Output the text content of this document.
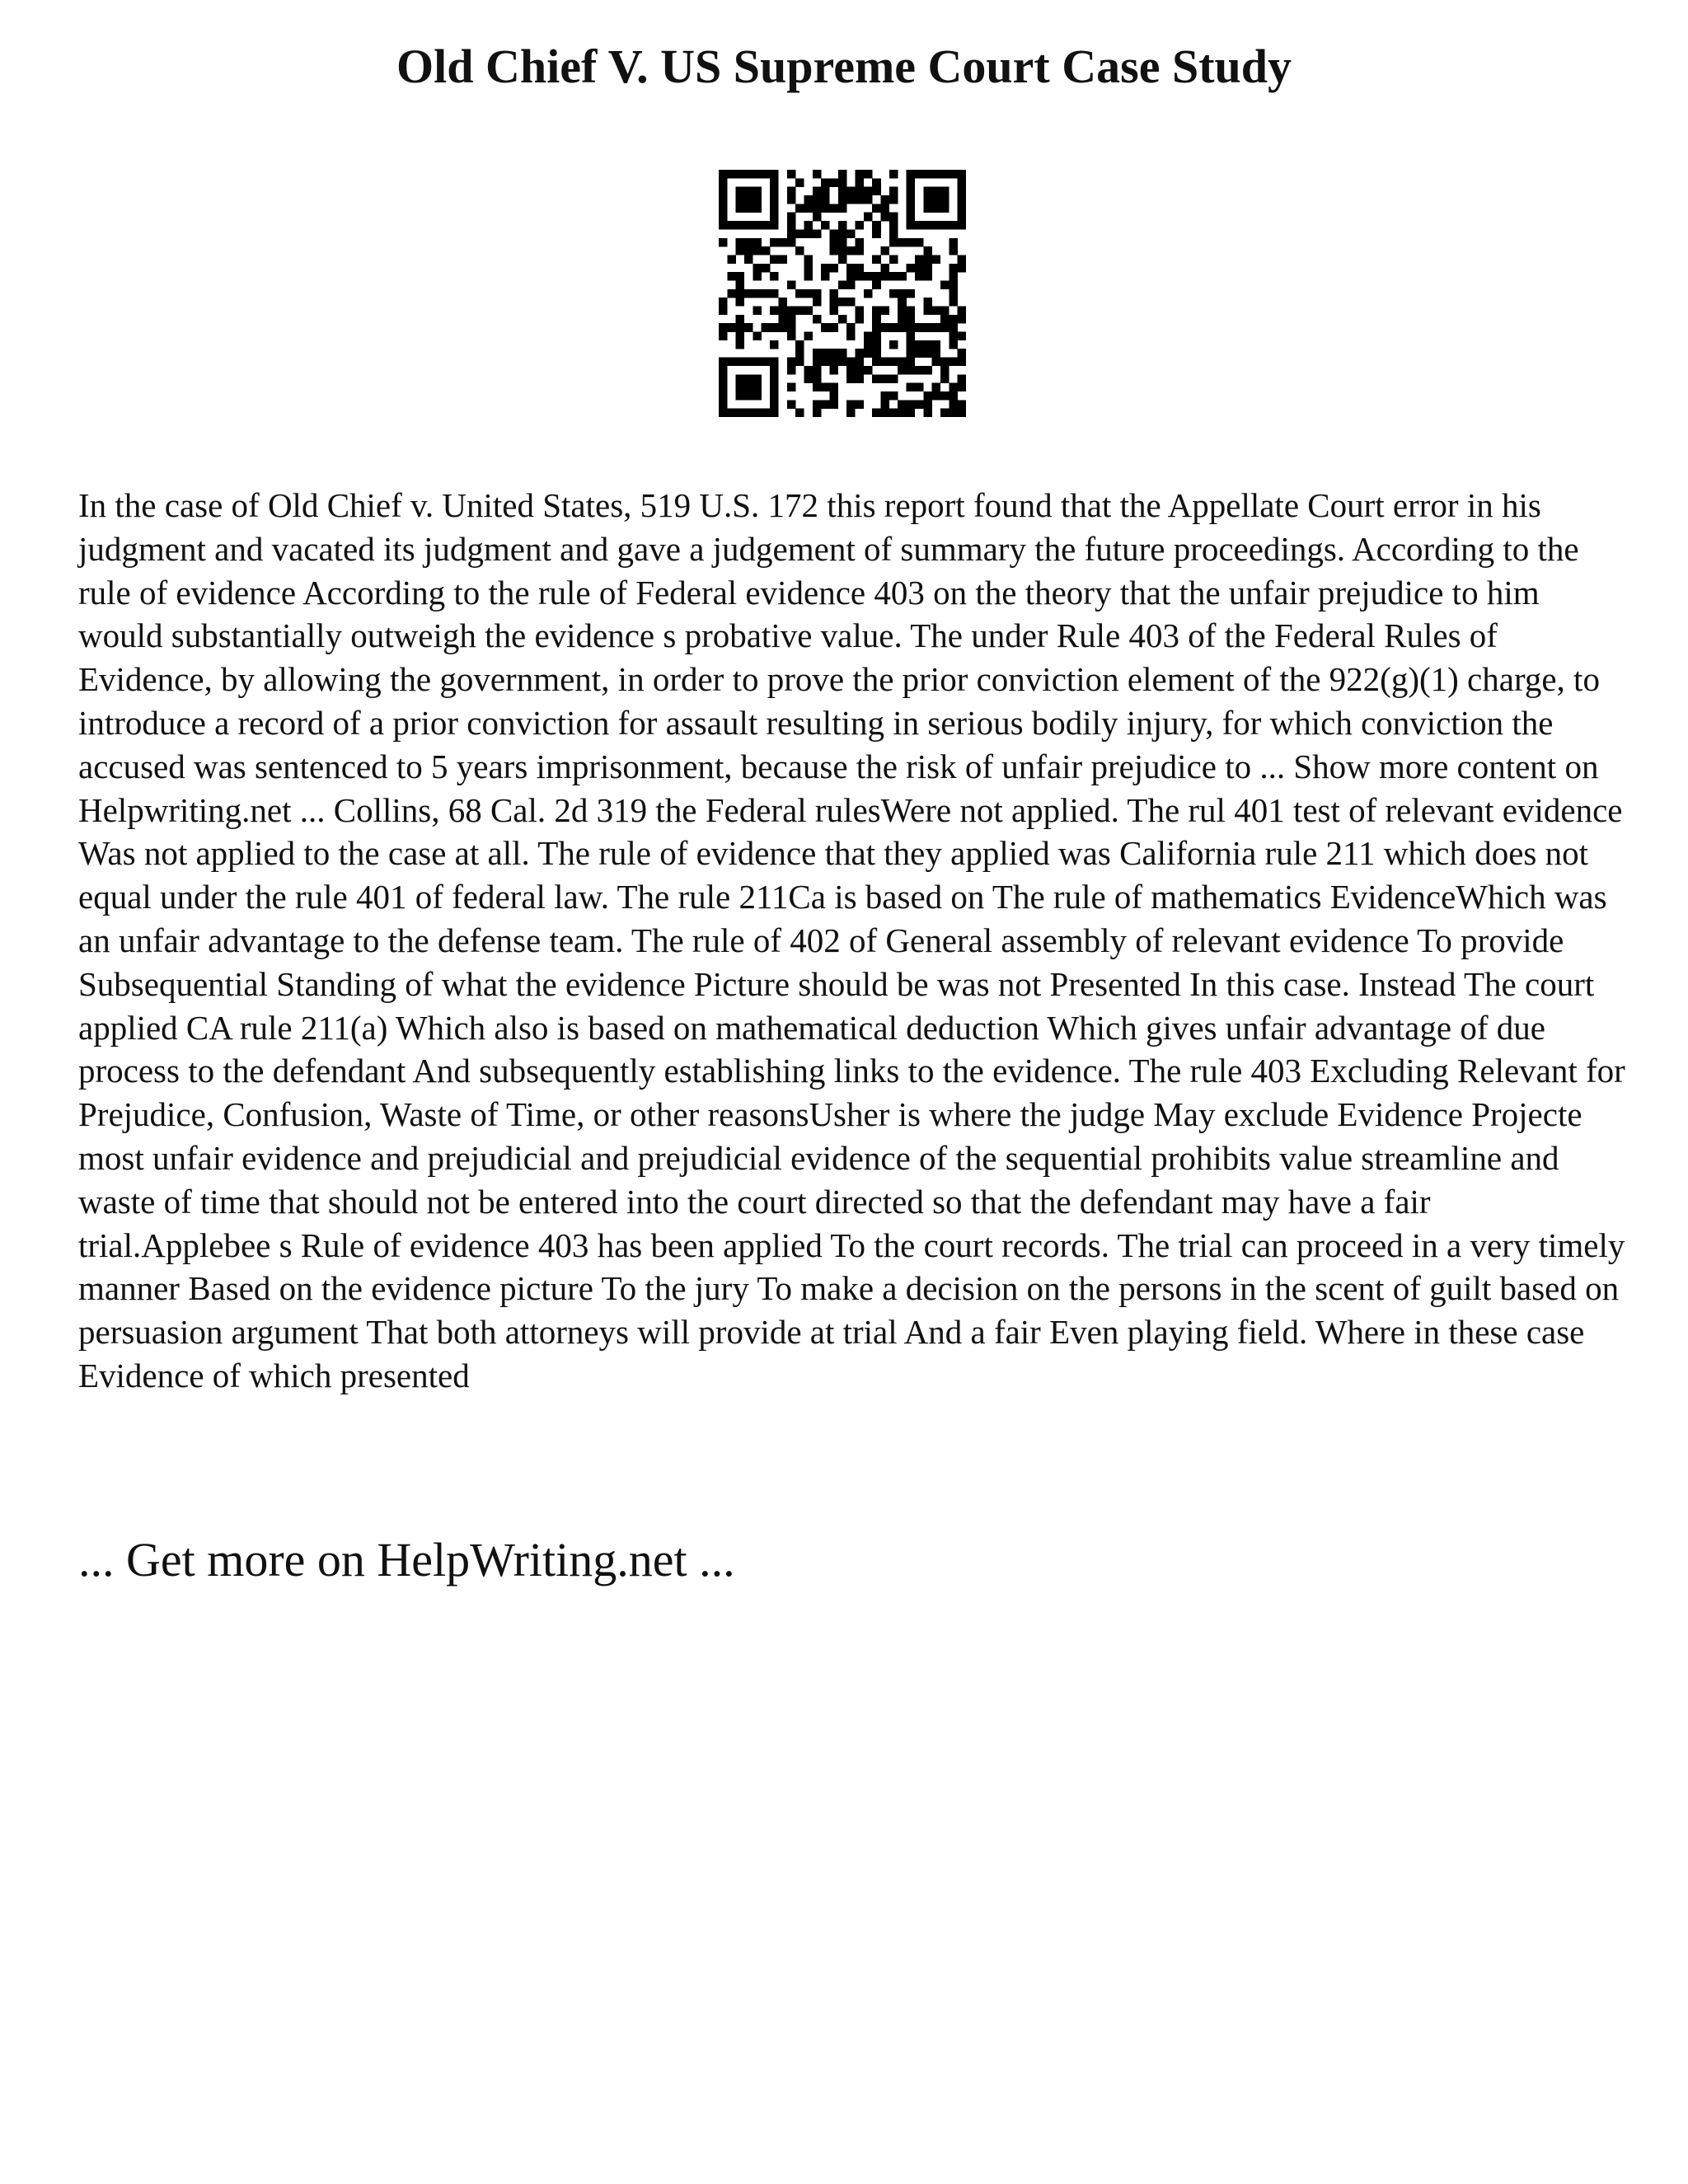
Old Chief V. US Supreme Court Case Study

In the case of Old Chief v. United States, 519 U.S. 172 this report found that the Appellate Court error in his judgment and vacated its judgment and gave a judgement of summary the future proceedings. According to the rule of evidence According to the rule of Federal evidence 403 on the theory that the unfair prejudice to him would substantially outweigh the evidence s probative value. The under Rule 403 of the Federal Rules of Evidence, by allowing the government, in order to prove the prior conviction element of the 922(g)(1) charge, to introduce a record of a prior conviction for assault resulting in serious bodily injury, for which conviction the accused was sentenced to 5 years imprisonment, because the risk of unfair prejudice to ... Show more content on Helpwriting.net ... Collins, 68 Cal. 2d 319 the Federal rulesWere not applied. The rul 401 test of relevant evidence Was not applied to the case at all. The rule of evidence that they applied was California rule 211 which does not equal under the rule 401 of federal law. The rule 211Ca is based on The rule of mathematics EvidenceWhich was an unfair advantage to the defense team. The rule of 402 of General assembly of relevant evidence To provide Subsequential Standing of what the evidence Picture should be was not Presented In this case. Instead The court applied CA rule 211(a) Which also is based on mathematical deduction Which gives unfair advantage of due process to the defendant And subsequently establishing links to the evidence. The rule 403 Excluding Relevant for Prejudice, Confusion, Waste of Time, or other reasonsUsher is where the judge May exclude Evidence Projecte most unfair evidence and prejudicial and prejudicial evidence of the sequential prohibits value streamline and waste of time that should not be entered into the court directed so that the defendant may have a fair trial.Applebee s Rule of evidence 403 has been applied To the court records. The trial can proceed in a very timely manner Based on the evidence picture To the jury To make a decision on the persons in the scent of guilt based on persuasion argument That both attorneys will provide at trial And a fair Even playing field. Where in these case Evidence of which presented

... Get more on HelpWriting.net ...
